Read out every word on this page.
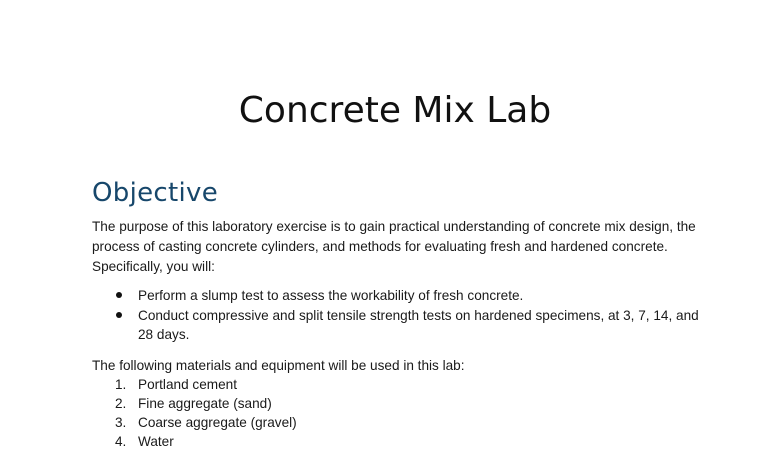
Concrete Mix Lab
Objective

The purpose of this laboratory exercise is to gain practical understanding of concrete mix design, the process of casting concrete cylinders, and methods for evaluating fresh and hardened concrete. Specifically, you will:

Perform a slump test to assess the workability of fresh concrete.
Conduct compressive and split tensile strength tests on hardened specimens, at 3, 7, 14, and 28 days.

The following materials and equipment will be used in this lab:

1. Portland cement
2. Fine aggregate (sand)
3. Coarse aggregate (gravel)
4. Water
